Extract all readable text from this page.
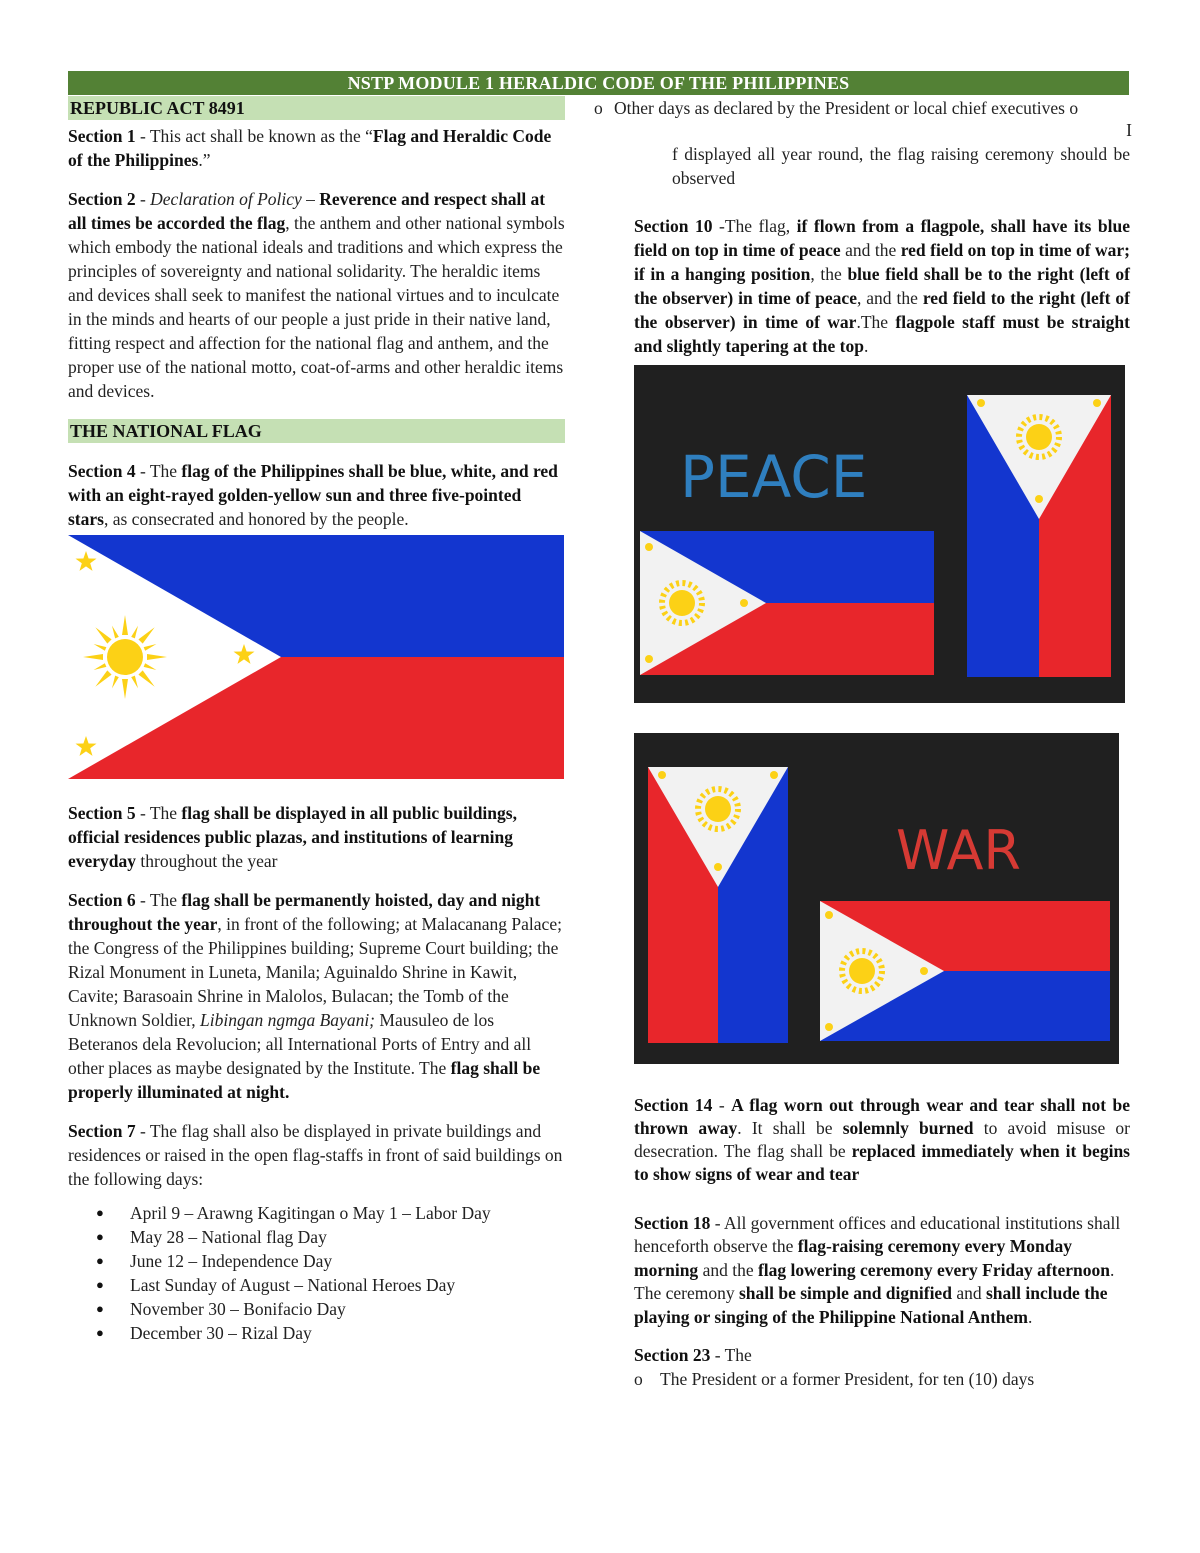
NSTP MODULE 1 HERALDIC CODE OF THE PHILIPPINES
REPUBLIC ACT 8491

Section 1 - This act shall be known as the “Flag and Heraldic Code of the Philippines.”

Section 2 - Declaration of Policy – Reverence and respect shall at all times be accorded the flag, the anthem and other national symbols which embody the national ideals and traditions and which express the principles of sovereignty and national solidarity. The heraldic items and devices shall seek to manifest the national virtues and to inculcate in the minds and hearts of our people a just pride in their native land, fitting respect and affection for the national flag and anthem, and the proper use of the national motto, coat-of-arms and other heraldic items and devices.

THE NATIONAL FLAG

Section 4 - The flag of the Philippines shall be blue, white, and red with an eight-rayed golden-yellow sun and three five-pointed stars, as consecrated and honored by the people.

Section 5 - The flag shall be displayed in all public buildings, official residences public plazas, and institutions of learning everyday throughout the year

Section 6 - The flag shall be permanently hoisted, day and night throughout the year, in front of the following; at Malacanang Palace; the Congress of the Philippines building; Supreme Court building; the Rizal Monument in Luneta, Manila; Aguinaldo Shrine in Kawit, Cavite; Barasoain Shrine in Malolos, Bulacan; the Tomb of the Unknown Soldier, Libingan ngmga Bayani; Mausuleo de los Beteranos dela Revolucion; all International Ports of Entry and all other places as maybe designated by the Institute. The flag shall be properly illuminated at night.

Section 7 - The flag shall also be displayed in private buildings and residences or raised in the open flag-staffs in front of said buildings on the following days:

● April 9 – Arawng Kagitingan o May 1 – Labor Day
● May 28 – National flag Day
● June 12 – Independence Day
● Last Sunday of August – National Heroes Day
● November 30 – Bonifacio Day
● December 30 – Rizal Day

o Other days as declared by the President or local chief executives o

I

f displayed all year round, the flag raising ceremony should be observed

Section 10 -The flag, if flown from a flagpole, shall have its blue field on top in time of peace and the red field on top in time of war; if in a hanging position, the blue field shall be to the right (left of the observer) in time of peace, and the red field to the right (left of the observer) in time of war.The flagpole staff must be straight and slightly tapering at the top.

PEACE
WAR

Section 14 - A flag worn out through wear and tear shall not be thrown away. It shall be solemnly burned to avoid misuse or desecration. The flag shall be replaced immediately when it begins to show signs of wear and tear

Section 18 - All government offices and educational institutions shall henceforth observe the flag-raising ceremony every Monday morning and the flag lowering ceremony every Friday afternoon. The ceremony shall be simple and dignified and shall include the playing or singing of the Philippine National Anthem.

Section 23 - The

o The President or a former President, for ten (10) days
